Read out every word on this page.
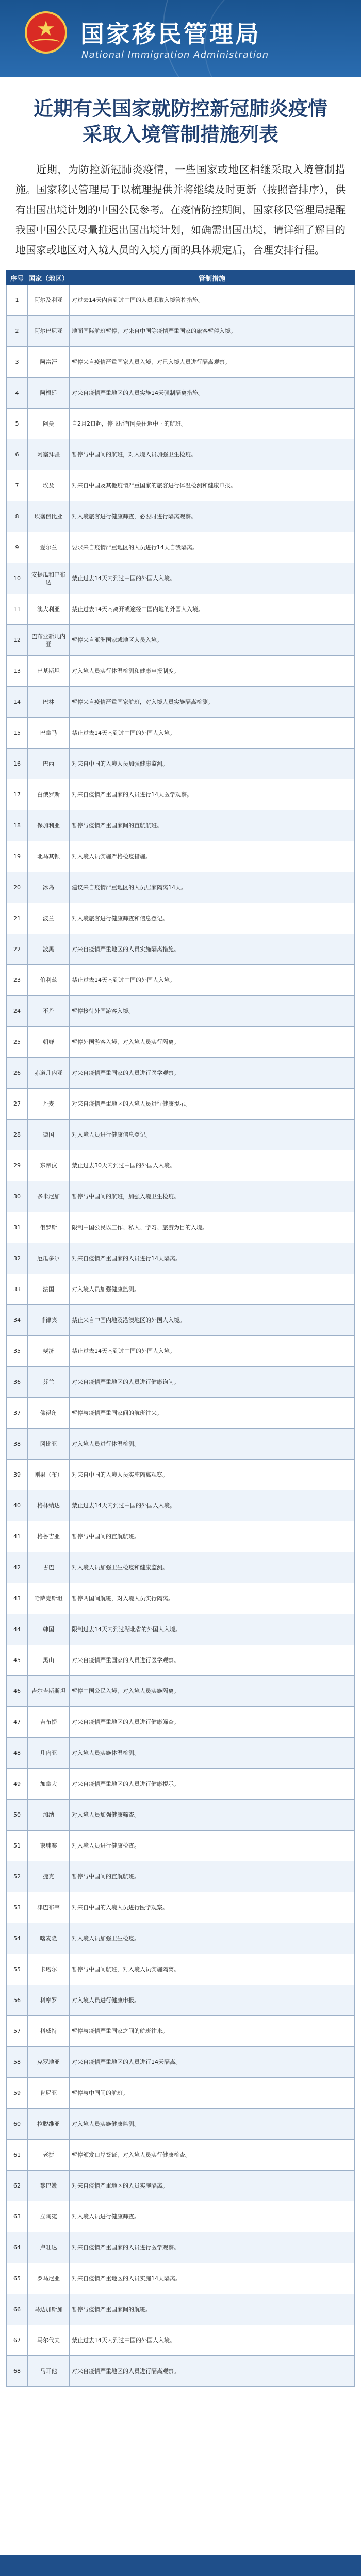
★	国家移民管理局
National Immigration Administration
近期有关国家就防控新冠肺炎疫情
采取入境管制措施列表
近期，为防控新冠肺炎疫情，一些国家或地区相继采取入境管制措施。国家移民管理局于以梳理提供并将继续及时更新（按照音排序），供有出国出境计划的中国公民参考。在疫情防控期间，国家移民管理局提醒我国中国公民尽量推迟出国出境计划，如确需出国出境，请详细了解目的地国家或地区对入境人员的入境方面的具体规定后，合理安排行程。
序号	国家（地区）	管制措施
1	阿尔及利亚	对过去14天内曾到过中国的人员采取入境管控措施。
2	阿尔巴尼亚	地面国际航班暂停，对来自中国等疫情严重国家的旅客暂停入境。
3	阿富汗	暂停来自疫情严重国家人员入境，对已入境人员进行隔离观察。
4	阿根廷	对来自疫情严重地区的人员实施14天强制隔离措施。
5	阿曼	自2月2日起，停飞所有阿曼往返中国的航班。
6	阿塞拜疆	暂停与中国间的航班，对入境人员加强卫生检疫。
7	埃及	对来自中国及其他疫情严重国家的旅客进行体温检测和健康申报。
8	埃塞俄比亚	对入境旅客进行健康筛查，必要时进行隔离观察。
9	爱尔兰	要求来自疫情严重地区的人员进行14天自我隔离。
10	安提瓜和巴布达	禁止过去14天内到过中国的外国人入境。
11	澳大利亚	禁止过去14天内离开或途经中国内地的外国人入境。
12	巴布亚新几内亚	暂停来自亚洲国家或地区人员入境。
13	巴基斯坦	对入境人员实行体温检测和健康申报制度。
14	巴林	暂停来自疫情严重国家航班，对入境人员实施隔离检测。
15	巴拿马	禁止过去14天内到过中国的外国人入境。
16	巴西	对来自中国的入境人员加强健康监测。
17	白俄罗斯	对来自疫情严重国家的人员进行14天医学观察。
18	保加利亚	暂停与疫情严重国家间的直航航班。
19	北马其顿	对入境人员实施严格检疫措施。
20	冰岛	建议来自疫情严重地区的人员居家隔离14天。
21	波兰	对入境旅客进行健康筛查和信息登记。
22	波黑	对来自疫情严重地区的人员实施隔离措施。
23	伯利兹	禁止过去14天内到过中国的外国人入境。
24	不丹	暂停接待外国游客入境。
25	朝鲜	暂停外国游客入境，对入境人员实行隔离。
26	赤道几内亚	对来自疫情严重国家的人员进行医学观察。
27	丹麦	对来自疫情严重地区的入境人员进行健康提示。
28	德国	对入境人员进行健康信息登记。
29	东帝汶	禁止过去30天内到过中国的外国人入境。
30	多米尼加	暂停与中国间的航班，加强入境卫生检疫。
31	俄罗斯	限制中国公民以工作、私人、学习、旅游为目的入境。
32	厄瓜多尔	对来自疫情严重国家的人员进行14天隔离。
33	法国	对入境人员加强健康监测。
34	菲律宾	禁止来自中国内地及港澳地区的外国人入境。
35	斐济	禁止过去14天内到过中国的外国人入境。
36	芬兰	对来自疫情严重地区的人员进行健康询问。
37	佛得角	暂停与疫情严重国家间的航班往来。
38	冈比亚	对入境人员进行体温检测。
39	刚果（布）	对来自中国的入境人员实施隔离观察。
40	格林纳达	禁止过去14天内到过中国的外国人入境。
41	格鲁吉亚	暂停与中国间的直航航班。
42	古巴	对入境人员加强卫生检疫和健康监测。
43	哈萨克斯坦	暂停两国间航班，对入境人员实行隔离。
44	韩国	限制过去14天内到过湖北省的外国人入境。
45	黑山	对来自疫情严重国家的人员进行医学观察。
46	吉尔吉斯斯坦	暂停中国公民入境，对入境人员实施隔离。
47	吉布提	对来自疫情严重地区的人员进行健康筛查。
48	几内亚	对入境人员实施体温检测。
49	加拿大	对来自疫情严重地区的人员进行健康提示。
50	加纳	对入境人员加强健康筛查。
51	柬埔寨	对入境人员进行健康检查。
52	捷克	暂停与中国间的直航航班。
53	津巴布韦	对来自中国的入境人员进行医学观察。
54	喀麦隆	对入境人员加强卫生检疫。
55	卡塔尔	暂停与中国间航班，对入境人员实施隔离。
56	科摩罗	对入境人员进行健康申报。
57	科威特	暂停与疫情严重国家之间的航班往来。
58	克罗地亚	对来自疫情严重地区的人员进行14天隔离。
59	肯尼亚	暂停与中国间的航班。
60	拉脱维亚	对入境人员实施健康监测。
61	老挝	暂停颁发口岸签证，对入境人员实行健康检查。
62	黎巴嫩	对来自疫情严重地区的人员实施隔离。
63	立陶宛	对入境人员进行健康筛查。
64	卢旺达	对来自疫情严重国家的人员进行医学观察。
65	罗马尼亚	对来自疫情严重地区的人员实施14天隔离。
66	马达加斯加	暂停与疫情严重国家间的航班。
67	马尔代夫	禁止过去14天内到过中国的外国人入境。
68	马耳他	对来自疫情严重地区的人员进行隔离观察。
